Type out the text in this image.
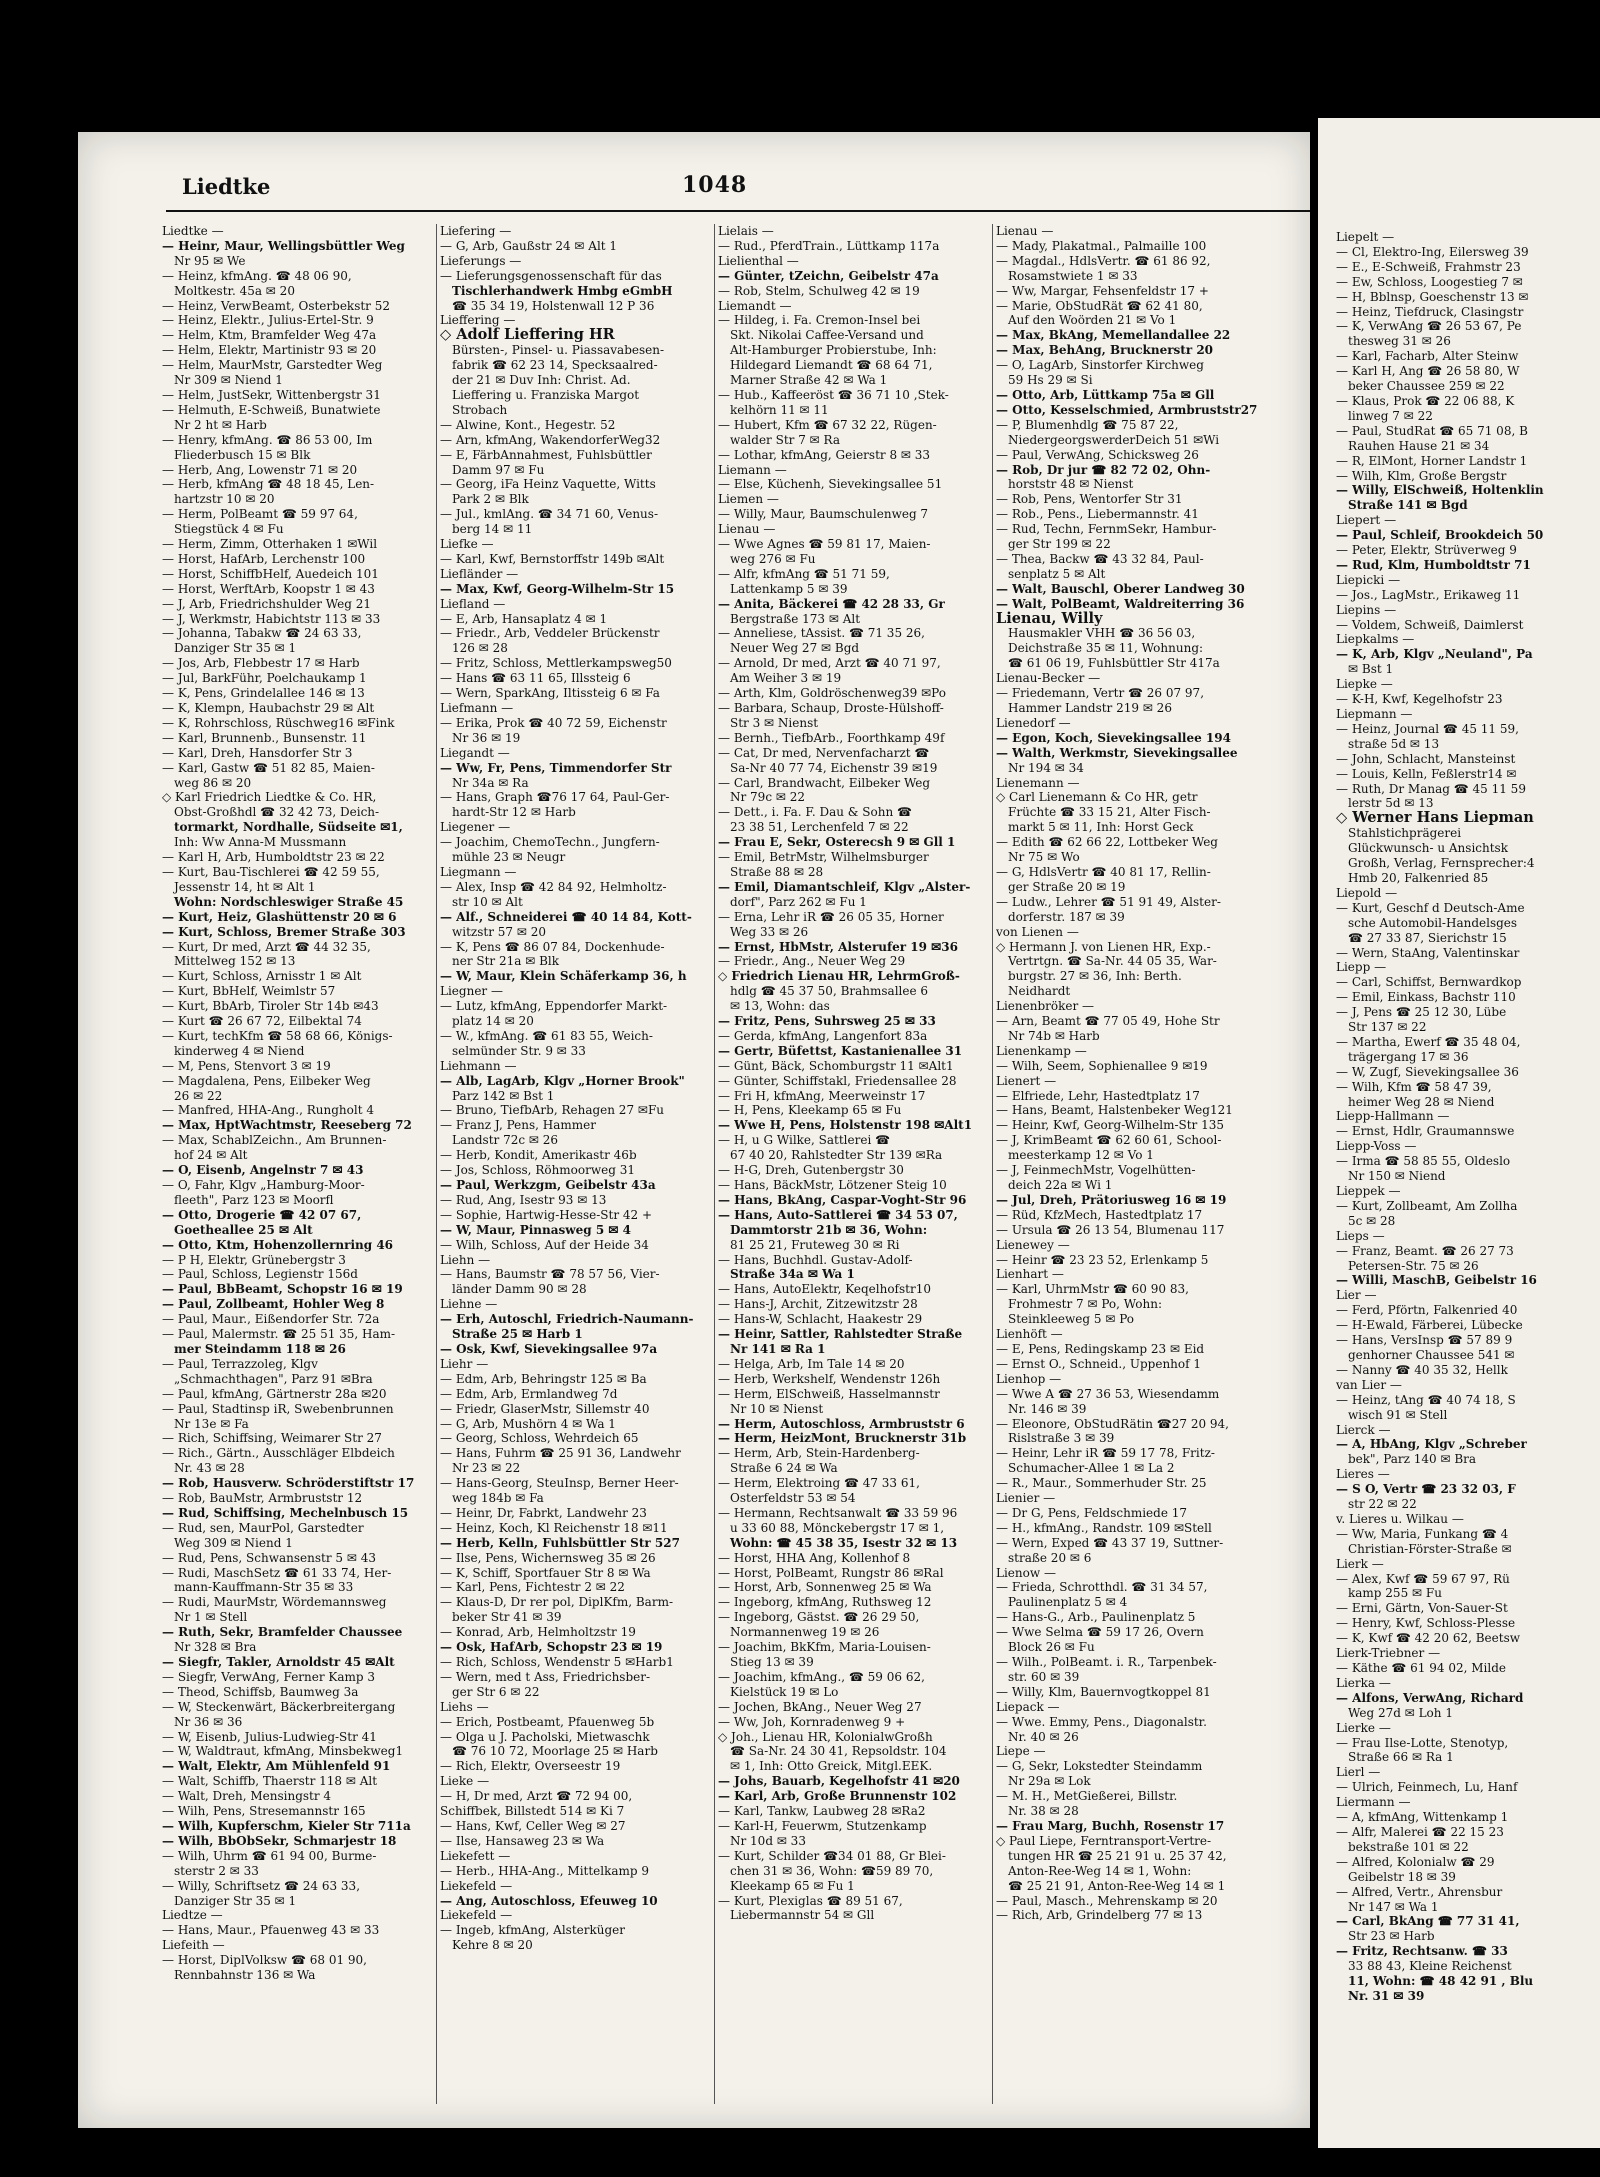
Liedtke	1048
Liedtke —
— Heinr, Maur, Wellingsbüttler Weg
Nr 95 ✉ We
— Heinz, kfmAng. ☎ 48 06 90,
Moltkestr. 45a ✉ 20
— Heinz, VerwBeamt, Osterbekstr 52
— Heinz, Elektr., Julius-Ertel-Str. 9
— Helm, Ktm, Bramfelder Weg 47a
— Helm, Elektr, Martinistr 93 ✉ 20
— Helm, MaurMstr, Garstedter Weg
Nr 309 ✉ Niend 1
— Helm, JustSekr, Wittenbergstr 31
— Helmuth, E-Schweiß, Bunatwiete
Nr 2 ht ✉ Harb
— Henry, kfmAng. ☎ 86 53 00, Im
Fliederbusch 15 ✉ Blk
— Herb, Ang, Lowenstr 71 ✉ 20
— Herb, kfmAng ☎ 48 18 45, Len-
hartzstr 10 ✉ 20
— Herm, PolBeamt ☎ 59 97 64,
Stiegstück 4 ✉ Fu
— Herm, Zimm, Otterhaken 1 ✉Wil
— Horst, HafArb, Lerchenstr 100
— Horst, SchiffbHelf, Auedeich 101
— Horst, WerftArb, Koopstr 1 ✉ 43
— J, Arb, Friedrichshulder Weg 21
— J, Werkmstr, Habichtstr 113 ✉ 33
— Johanna, Tabakw ☎ 24 63 33,
Danziger Str 35 ✉ 1
— Jos, Arb, Flebbestr 17 ✉ Harb
— Jul, BarkFühr, Poelchaukamp 1
— K, Pens, Grindelallee 146 ✉ 13
— K, Klempn, Haubachstr 29 ✉ Alt
— K, Rohrschloss, Rüschweg16 ✉Fink
— Karl, Brunnenb., Bunsenstr. 11
— Karl, Dreh, Hansdorfer Str 3
— Karl, Gastw ☎ 51 82 85, Maien-
weg 86 ✉ 20
◇ Karl Friedrich Liedtke & Co. HR,
Obst-Großhdl ☎ 32 42 73, Deich-
tormarkt, Nordhalle, Südseite ✉1,
Inh: Ww Anna-M Mussmann
— Karl H, Arb, Humboldtstr 23 ✉ 22
— Kurt, Bau-Tischlerei ☎ 42 59 55,
Jessenstr 14, ht ✉ Alt 1
Wohn: Nordschleswiger Straße 45
— Kurt, Heiz, Glashüttenstr 20 ✉ 6
— Kurt, Schloss, Bremer Straße 303
— Kurt, Dr med, Arzt ☎ 44 32 35,
Mittelweg 152 ✉ 13
— Kurt, Schloss, Arnisstr 1 ✉ Alt
— Kurt, BbHelf, Weimlstr 57
— Kurt, BbArb, Tiroler Str 14b ✉43
— Kurt ☎ 26 67 72, Eilbektal 74
— Kurt, techKfm ☎ 58 68 66, Königs-
kinderweg 4 ✉ Niend
— M, Pens, Stenvort 3 ✉ 19
— Magdalena, Pens, Eilbeker Weg
26 ✉ 22
— Manfred, HHA-Ang., Rungholt 4
— Max, HptWachtmstr, Reeseberg 72
— Max, SchablZeichn., Am Brunnen-
hof 24 ✉ Alt
— O, Eisenb, Angelnstr 7 ✉ 43
— O, Fahr, Klgv „Hamburg-Moor-
fleeth", Parz 123 ✉ Moorfl
— Otto, Drogerie ☎ 42 07 67,
Goetheallee 25 ✉ Alt
— Otto, Ktm, Hohenzollernring 46
— P H, Elektr, Grünebergstr 3
— Paul, Schloss, Legienstr 156d
— Paul, BbBeamt, Schopstr 16 ✉ 19
— Paul, Zollbeamt, Hohler Weg 8
— Paul, Maur., Eißendorfer Str. 72a
— Paul, Malermstr. ☎ 25 51 35, Ham-
mer Steindamm 118 ✉ 26
— Paul, Terrazzoleg, Klgv
„Schmachthagen", Parz 91 ✉Bra
— Paul, kfmAng, Gärtnerstr 28a ✉20
— Paul, Stadtinsp iR, Swebenbrunnen
Nr 13e ✉ Fa
— Rich, Schiffsing, Weimarer Str 27
— Rich., Gärtn., Ausschläger Elbdeich
Nr. 43 ✉ 28
— Rob, Hausverw. Schröderstiftstr 17
— Rob, BauMstr, Armbruststr 12
— Rud, Schiffsing, Mechelnbusch 15
— Rud, sen, MaurPol, Garstedter
Weg 309 ✉ Niend 1
— Rud, Pens, Schwansenstr 5 ✉ 43
— Rudi, MaschSetz ☎ 61 33 74, Her-
mann-Kauffmann-Str 35 ✉ 33
— Rudi, MaurMstr, Wördemannsweg
Nr 1 ✉ Stell
— Ruth, Sekr, Bramfelder Chaussee
Nr 328 ✉ Bra
— Siegfr, Takler, Arnoldstr 45 ✉Alt
— Siegfr, VerwAng, Ferner Kamp 3
— Theod, Schiffsb, Baumweg 3a
— W, Steckenwärt, Bäckerbreitergang
Nr 36 ✉ 36
— W, Eisenb, Julius-Ludwieg-Str 41
— W, Waldtraut, kfmAng, Minsbekweg1
— Walt, Elektr, Am Mühlenfeld 91
— Walt, Schiffb, Thaerstr 118 ✉ Alt
— Walt, Dreh, Mensingstr 4
— Wilh, Pens, Stresemannstr 165
— Wilh, Kupferschm, Kieler Str 711a
— Wilh, BbObSekr, Schmarjestr 18
— Wilh, Uhrm ☎ 61 94 00, Burme-
sterstr 2 ✉ 33
— Willy, Schriftsetz ☎ 24 63 33,
Danziger Str 35 ✉ 1
Liedtze —
— Hans, Maur., Pfauenweg 43 ✉ 33
Liefeith —
— Horst, DiplVolksw ☎ 68 01 90,
Rennbahnstr 136 ✉ Wa
Liefering —
— G, Arb, Gaußstr 24 ✉ Alt 1
Lieferungs —
— Lieferungsgenossenschaft für das
Tischlerhandwerk Hmbg eGmbH
☎ 35 34 19, Holstenwall 12 P 36
Lieffering —
◇ Adolf Lieffering HR
Bürsten-, Pinsel- u. Piassavabesen-
fabrik ☎ 62 23 14, Specksaalred-
der 21 ✉ Duv Inh: Christ. Ad.
Lieffering u. Franziska Margot
Strobach
— Alwine, Kont., Hegestr. 52
— Arn, kfmAng, WakendorferWeg32
— E, FärbAnnahmest, Fuhlsbüttler
Damm 97 ✉ Fu
— Georg, iFa Heinz Vaquette, Witts
Park 2 ✉ Blk
— Jul., kmlAng. ☎ 34 71 60, Venus-
berg 14 ✉ 11
Liefke —
— Karl, Kwf, Bernstorffstr 149b ✉Alt
Liefländer —
— Max, Kwf, Georg-Wilhelm-Str 15
Liefland —
— E, Arb, Hansaplatz 4 ✉ 1
— Friedr., Arb, Veddeler Brückenstr
126 ✉ 28
— Fritz, Schloss, Mettlerkampsweg50
— Hans ☎ 63 11 65, Illssteig 6
— Wern, SparkAng, Iltissteig 6 ✉ Fa
Liefmann —
— Erika, Prok ☎ 40 72 59, Eichenstr
Nr 36 ✉ 19
Liegandt —
— Ww, Fr, Pens, Timmendorfer Str
Nr 34a ✉ Ra
— Hans, Graph ☎76 17 64, Paul-Ger-
hardt-Str 12 ✉ Harb
Liegener —
— Joachim, ChemoTechn., Jungfern-
mühle 23 ✉ Neugr
Liegmann —
— Alex, Insp ☎ 42 84 92, Helmholtz-
str 10 ✉ Alt
— Alf., Schneiderei ☎ 40 14 84, Kott-
witzstr 57 ✉ 20
— K, Pens ☎ 86 07 84, Dockenhude-
ner Str 21a ✉ Blk
— W, Maur, Klein Schäferkamp 36, h
Liegner —
— Lutz, kfmAng, Eppendorfer Markt-
platz 14 ✉ 20
— W., kfmAng. ☎ 61 83 55, Weich-
selmünder Str. 9 ✉ 33
Liehmann —
— Alb, LagArb, Klgv „Horner Brook"
Parz 142 ✉ Bst 1
— Bruno, TiefbArb, Rehagen 27 ✉Fu
— Franz J, Pens, Hammer
Landstr 72c ✉ 26
— Herb, Kondit, Amerikastr 46b
— Jos, Schloss, Röhmoorweg 31
— Paul, Werkzgm, Geibelstr 43a
— Rud, Ang, Isestr 93 ✉ 13
— Sophie, Hartwig-Hesse-Str 42 +
— W, Maur, Pinnasweg 5 ✉ 4
— Wilh, Schloss, Auf der Heide 34
Liehn —
— Hans, Baumstr ☎ 78 57 56, Vier-
länder Damm 90 ✉ 28
Liehne —
— Erh, Autoschl, Friedrich-Naumann-
Straße 25 ✉ Harb 1
— Osk, Kwf, Sievekingsallee 97a
Liehr —
— Edm, Arb, Behringstr 125 ✉ Ba
— Edm, Arb, Ermlandweg 7d
— Friedr, GlaserMstr, Sillemstr 40
— G, Arb, Mushörn 4 ✉ Wa 1
— Georg, Schloss, Wehrdeich 65
— Hans, Fuhrm ☎ 25 91 36, Landwehr
Nr 23 ✉ 22
— Hans-Georg, SteuInsp, Berner Heer-
weg 184b ✉ Fa
— Heinr, Dr, Fabrkt, Landwehr 23
— Heinz, Koch, Kl Reichenstr 18 ✉11
— Herb, Kelln, Fuhlsbüttler Str 527
— Ilse, Pens, Wichernsweg 35 ✉ 26
— K, Schiff, Sportfauer Str 8 ✉ Wa
— Karl, Pens, Fichtestr 2 ✉ 22
— Klaus-D, Dr rer pol, DiplKfm, Barm-
beker Str 41 ✉ 39
— Konrad, Arb, Helmholtzstr 19
— Osk, HafArb, Schopstr 23 ✉ 19
— Rich, Schloss, Wendenstr 5 ✉Harb1
— Wern, med t Ass, Friedrichsber-
ger Str 6 ✉ 22
Liehs —
— Erich, Postbeamt, Pfauenweg 5b
— Olga u J. Pacholski, Mietwaschk
☎ 76 10 72, Moorlage 25 ✉ Harb
— Rich, Elektr, Overseestr 19
Lieke —
— H, Dr med, Arzt ☎ 72 94 00,
Schiffbek, Billstedt 514 ✉ Ki 7
— Hans, Kwf, Celler Weg ✉ 27
— Ilse, Hansaweg 23 ✉ Wa
Liekefett —
— Herb., HHA-Ang., Mittelkamp 9
Liekefeld —
— Ang, Autoschloss, Efeuweg 10
Liekefeld —
— Ingeb, kfmAng, Alsterküger
Kehre 8 ✉ 20
Lielais —
— Rud., PferdTrain., Lüttkamp 117a
Lielienthal —
— Günter, tZeichn, Geibelstr 47a
— Rob, Stelm, Schulweg 42 ✉ 19
Liemandt —
— Hildeg, i. Fa. Cremon-Insel bei
Skt. Nikolai Caffee-Versand und
Alt-Hamburger Probierstube, Inh:
Hildegard Liemandt ☎ 68 64 71,
Marner Straße 42 ✉ Wa 1
— Hub., Kaffeeröst ☎ 36 71 10 ,Stek-
kelhörn 11 ✉ 11
— Hubert, Kfm ☎ 67 32 22, Rügen-
walder Str 7 ✉ Ra
— Lothar, kfmAng, Geierstr 8 ✉ 33
Liemann —
— Else, Küchenh, Sievekingsallee 51
Liemen —
— Willy, Maur, Baumschulenweg 7
Lienau —
— Wwe Agnes ☎ 59 81 17, Maien-
weg 276 ✉ Fu
— Alfr, kfmAng ☎ 51 71 59,
Lattenkamp 5 ✉ 39
— Anita, Bäckerei ☎ 42 28 33, Gr
Bergstraße 173 ✉ Alt
— Anneliese, tAssist. ☎ 71 35 26,
Neuer Weg 27 ✉ Bgd
— Arnold, Dr med, Arzt ☎ 40 71 97,
Am Weiher 3 ✉ 19
— Arth, Klm, Goldröschenweg39 ✉Po
— Barbara, Schaup, Droste-Hülshoff-
Str 3 ✉ Nienst
— Bernh., TiefbArb., Foorthkamp 49f
— Cat, Dr med, Nervenfacharzt ☎
Sa-Nr 40 77 74, Eichenstr 39 ✉19
— Carl, Brandwacht, Eilbeker Weg
Nr 79c ✉ 22
— Dett., i. Fa. F. Dau & Sohn ☎
23 38 51, Lerchenfeld 7 ✉ 22
— Frau E, Sekr, Osterecsh 9 ✉ Gll 1
— Emil, BetrMstr, Wilhelmsburger
Straße 88 ✉ 28
— Emil, Diamantschleif, Klgv „Alster-
dorf", Parz 262 ✉ Fu 1
— Erna, Lehr iR ☎ 26 05 35, Horner
Weg 33 ✉ 26
— Ernst, HbMstr, Alsterufer 19 ✉36
— Friedr., Ang., Neuer Weg 29
◇ Friedrich Lienau HR, LehrmGroß-
hdlg ☎ 45 37 50, Brahmsallee 6
✉ 13, Wohn: das
— Fritz, Pens, Suhrsweg 25 ✉ 33
— Gerda, kfmAng, Langenfort 83a
— Gertr, Büfettst, Kastanienallee 31
— Günt, Bäck, Schomburgstr 11 ✉Alt1
— Günter, Schiffstakl, Friedensallee 28
— Fri H, kfmAng, Meerweinstr 17
— H, Pens, Kleekamp 65 ✉ Fu
— Wwe H, Pens, Holstenstr 198 ✉Alt1
— H, u G Wilke, Sattlerei ☎
67 40 20, Rahlstedter Str 139 ✉Ra
— H-G, Dreh, Gutenbergstr 30
— Hans, BäckMstr, Lötzener Steig 10
— Hans, BkAng, Caspar-Voght-Str 96
— Hans, Auto-Sattlerei ☎ 34 53 07,
Dammtorstr 21b ✉ 36, Wohn:
81 25 21, Fruteweg 30 ✉ Ri
— Hans, Buchhdl. Gustav-Adolf-
Straße 34a ✉ Wa 1
— Hans, AutoElektr, Keqelhofstr10
— Hans-J, Archit, Zitzewitzstr 28
— Hans-W, Schlacht, Haakestr 29
— Heinr, Sattler, Rahlstedter Straße
Nr 141 ✉ Ra 1
— Helga, Arb, Im Tale 14 ✉ 20
— Herb, Werkshelf, Wendenstr 126h
— Herm, ElSchweiß, Hasselmannstr
Nr 10 ✉ Nienst
— Herm, Autoschloss, Armbruststr 6
— Herm, HeizMont, Brucknerstr 31b
— Herm, Arb, Stein-Hardenberg-
Straße 6 24 ✉ Wa
— Herm, Elektroing ☎ 47 33 61,
Osterfeldstr 53 ✉ 54
— Hermann, Rechtsanwalt ☎ 33 59 96
u 33 60 88, Mönckebergstr 17 ✉ 1,
Wohn: ☎ 45 38 35, Isestr 32 ✉ 13
— Horst, HHA Ang, Kollenhof 8
— Horst, PolBeamt, Rungstr 86 ✉Ral
— Horst, Arb, Sonnenweg 25 ✉ Wa
— Ingeborg, kfmAng, Ruthsweg 12
— Ingeborg, Gästst. ☎ 26 29 50,
Normannenweg 19 ✉ 26
— Joachim, BkKfm, Maria-Louisen-
Stieg 13 ✉ 39
— Joachim, kfmAng., ☎ 59 06 62,
Kielstück 19 ✉ Lo
— Jochen, BkAng., Neuer Weg 27
— Ww, Joh, Kornradenweg 9 +
◇ Joh., Lienau HR, KolonialwGroßh
☎ Sa-Nr. 24 30 41, Repsoldstr. 104
✉ 1, Inh: Otto Greick, Mitgl.EEK.
— Johs, Bauarb, Kegelhofstr 41 ✉20
— Karl, Arb, Große Brunnenstr 102
— Karl, Tankw, Laubweg 28 ✉Ra2
— Karl-H, Feuerwm, Stutzenkamp
Nr 10d ✉ 33
— Kurt, Schilder ☎34 01 88, Gr Blei-
chen 31 ✉ 36, Wohn: ☎59 89 70,
Kleekamp 65 ✉ Fu 1
— Kurt, Plexiglas ☎ 89 51 67,
Liebermannstr 54 ✉ Gll
Lienau —
— Mady, Plakatmal., Palmaille 100
— Magdal., HdlsVertr. ☎ 61 86 92,
Rosamstwiete 1 ✉ 33
— Ww, Margar, Fehsenfeldstr 17 +
— Marie, ObStudRät ☎ 62 41 80,
Auf den Woörden 21 ✉ Vo 1
— Max, BkAng, Memellandallee 22
— Max, BehAng, Brucknerstr 20
— O, LagArb, Sinstorfer Kirchweg
59 Hs 29 ✉ Si
— Otto, Arb, Lüttkamp 75a ✉ Gll
— Otto, Kesselschmied, Armbruststr27
— P, Blumenhdlg ☎ 75 87 22,
NiedergeorgswerderDeich 51 ✉Wi
— Paul, VerwAng, Schicksweg 26
— Rob, Dr jur ☎ 82 72 02, Ohn-
horststr 48 ✉ Nienst
— Rob, Pens, Wentorfer Str 31
— Rob., Pens., Liebermannstr. 41
— Rud, Techn, FernmSekr, Hambur-
ger Str 199 ✉ 22
— Thea, Backw ☎ 43 32 84, Paul-
senplatz 5 ✉ Alt
— Walt, Bauschl, Oberer Landweg 30
— Walt, PolBeamt, Waldreiterring 36
Lienau, Willy
Hausmakler VHH ☎ 36 56 03,
Deichstraße 35 ✉ 11, Wohnung:
☎ 61 06 19, Fuhlsbüttler Str 417a
Lienau-Becker —
— Friedemann, Vertr ☎ 26 07 97,
Hammer Landstr 219 ✉ 26
Lienedorf —
— Egon, Koch, Sievekingsallee 194
— Walth, Werkmstr, Sievekingsallee
Nr 194 ✉ 34
Lienemann —
◇ Carl Lienemann & Co HR, getr
Früchte ☎ 33 15 21, Alter Fisch-
markt 5 ✉ 11, Inh: Horst Geck
— Edith ☎ 62 66 22, Lottbeker Weg
Nr 75 ✉ Wo
— G, HdlsVertr ☎ 40 81 17, Rellin-
ger Straße 20 ✉ 19
— Ludw., Lehrer ☎ 51 91 49, Alster-
dorferstr. 187 ✉ 39
von Lienen —
◇ Hermann J. von Lienen HR, Exp.-
Vertrtgn. ☎ Sa-Nr. 44 05 35, War-
burgstr. 27 ✉ 36, Inh: Berth.
Neidhardt
Lienenbröker —
— Arn, Beamt ☎ 77 05 49, Hohe Str
Nr 74b ✉ Harb
Lienenkamp —
— Wilh, Seem, Sophienallee 9 ✉19
Lienert —
— Elfriede, Lehr, Hastedtplatz 17
— Hans, Beamt, Halstenbeker Weg121
— Heinr, Kwf, Georg-Wilhelm-Str 135
— J, KrimBeamt ☎ 62 60 61, School-
meesterkamp 12 ✉ Vo 1
— J, FeinmechMstr, Vogelhütten-
deich 22a ✉ Wi 1
— Jul, Dreh, Prätoriusweg 16 ✉ 19
— Rüd, KfzMech, Hastedtplatz 17
— Ursula ☎ 26 13 54, Blumenau 117
Lienewey —
— Heinr ☎ 23 23 52, Erlenkamp 5
Lienhart —
— Karl, UhrmMstr ☎ 60 90 83,
Frohmestr 7 ✉ Po, Wohn:
Steinkleeweg 5 ✉ Po
Lienhöft —
— E, Pens, Redingskamp 23 ✉ Eid
— Ernst O., Schneid., Uppenhof 1
Lienhop —
— Wwe A ☎ 27 36 53, Wiesendamm
Nr. 146 ✉ 39
— Eleonore, ObStudRätin ☎27 20 94,
Rislstraße 3 ✉ 39
— Heinr, Lehr iR ☎ 59 17 78, Fritz-
Schumacher-Allee 1 ✉ La 2
— R., Maur., Sommerhuder Str. 25
Lienier —
— Dr G, Pens, Feldschmiede 17
— H., kfmAng., Randstr. 109 ✉Stell
— Wern, Exped ☎ 43 37 19, Suttner-
straße 20 ✉ 6
Lienow —
— Frieda, Schrotthdl. ☎ 31 34 57,
Paulinenplatz 5 ✉ 4
— Hans-G., Arb., Paulinenplatz 5
— Wwe Selma ☎ 59 17 26, Overn
Block 26 ✉ Fu
— Wilh., PolBeamt. i. R., Tarpenbek-
str. 60 ✉ 39
— Willy, Klm, Bauernvogtkoppel 81
Liepack —
— Wwe. Emmy, Pens., Diagonalstr.
Nr. 40 ✉ 26
Liepe —
— G, Sekr, Lokstedter Steindamm
Nr 29a ✉ Lok
— M. H., MetGießerei, Billstr.
Nr. 38 ✉ 28
— Frau Marg, Buchh, Rosenstr 17
◇ Paul Liepe, Ferntransport-Vertre-
tungen HR ☎ 25 21 91 u. 25 37 42,
Anton-Ree-Weg 14 ✉ 1, Wohn:
☎ 25 21 91, Anton-Ree-Weg 14 ✉ 1
— Paul, Masch., Mehrenskamp ✉ 20
— Rich, Arb, Grindelberg 77 ✉ 13
Liepelt —
— Cl, Elektro-Ing, Eilersweg 39
— E., E-Schweiß, Frahmstr 23
— Ew, Schloss, Loogestieg 7 ✉
— H, Bblnsp, Goeschenstr 13 ✉
— Heinz, Tiefdruck, Clasingstr
— K, VerwAng ☎ 26 53 67, Pe
thesweg 31 ✉ 26
— Karl, Facharb, Alter Steinw
— Karl H, Ang ☎ 26 58 80, W
beker Chaussee 259 ✉ 22
— Klaus, Prok ☎ 22 06 88, K
linweg 7 ✉ 22
— Paul, StudRat ☎ 65 71 08, B
Rauhen Hause 21 ✉ 34
— R, ElMont, Horner Landstr 1
— Wilh, Klm, Große Bergstr
— Willy, ElSchweiß, Holtenklin
Straße 141 ✉ Bgd
Liepert —
— Paul, Schleif, Brookdeich 50
— Peter, Elektr, Strüverweg 9
— Rud, Klm, Humboldtstr 71
Liepicki —
— Jos., LagMstr., Erikaweg 11
Liepins —
— Voldem, Schweiß, Daimlerst
Liepkalms —
— K, Arb, Klgv „Neuland", Pa
✉ Bst 1
Liepke —
— K-H, Kwf, Kegelhofstr 23
Liepmann —
— Heinz, Journal ☎ 45 11 59,
straße 5d ✉ 13
— John, Schlacht, Mansteinst
— Louis, Kelln, Feßlerstr14 ✉
— Ruth, Dr Manag ☎ 45 11 59
lerstr 5d ✉ 13
◇ Werner Hans Liepman
Stahlstichprägerei
Glückwunsch- u Ansichtsk
Großh, Verlag, Fernsprecher:4
Hmb 20, Falkenried 85
Liepold —
— Kurt, Geschf d Deutsch-Ame
sche Automobil-Handelsges
☎ 27 33 87, Sierichstr 15
— Wern, StaAng, Valentinskar
Liepp —
— Carl, Schiffst, Bernwardkop
— Emil, Einkass, Bachstr 110
— J, Pens ☎ 25 12 30, Lübe
Str 137 ✉ 22
— Martha, Ewerf ☎ 35 48 04,
trägergang 17 ✉ 36
— W, Zugf, Sievekingsallee 36
— Wilh, Kfm ☎ 58 47 39,
heimer Weg 28 ✉ Niend
Liepp-Hallmann —
— Ernst, Hdlr, Graumannswe
Liepp-Voss —
— Irma ☎ 58 85 55, Oldeslo
Nr 150 ✉ Niend
Lieppek —
— Kurt, Zollbeamt, Am Zollha
5c ✉ 28
Lieps —
— Franz, Beamt. ☎ 26 27 73
Petersen-Str. 75 ✉ 26
— Willi, MaschB, Geibelstr 16
Lier —
— Ferd, Pförtn, Falkenried 40
— H-Ewald, Färberei, Lübecke
— Hans, VersInsp ☎ 57 89 9
genhorner Chaussee 541 ✉
— Nanny ☎ 40 35 32, Hellk
van Lier —
— Heinz, tAng ☎ 40 74 18, S
wisch 91 ✉ Stell
Lierck —
— A, HbAng, Klgv „Schreber
bek", Parz 140 ✉ Bra
Lieres —
— S O, Vertr ☎ 23 32 03, F
str 22 ✉ 22
v. Lieres u. Wilkau —
— Ww, Maria, Funkang ☎ 4
Christian-Förster-Straße ✉
Lierk —
— Alex, Kwf ☎ 59 67 97, Rü
kamp 255 ✉ Fu
— Erni, Gärtn, Von-Sauer-St
— Henry, Kwf, Schloss-Plesse
— K, Kwf ☎ 42 20 62, Beetsw
Lierk-Triebner —
— Käthe ☎ 61 94 02, Milde
Lierka —
— Alfons, VerwAng, Richard
Weg 27d ✉ Loh 1
Lierke —
— Frau Ilse-Lotte, Stenotyp,
Straße 66 ✉ Ra 1
Lierl —
— Ulrich, Feinmech, Lu, Hanf
Liermann —
— A, kfmAng, Wittenkamp 1
— Alfr, Malerei ☎ 22 15 23
bekstraße 101 ✉ 22
— Alfred, Kolonialw ☎ 29
Geibelstr 18 ✉ 39
— Alfred, Vertr., Ahrensbur
Nr 147 ✉ Wa 1
— Carl, BkAng ☎ 77 31 41,
Str 23 ✉ Harb
— Fritz, Rechtsanw. ☎ 33
33 88 43, Kleine Reichenst
11, Wohn: ☎ 48 42 91 , Blu
Nr. 31 ✉ 39
